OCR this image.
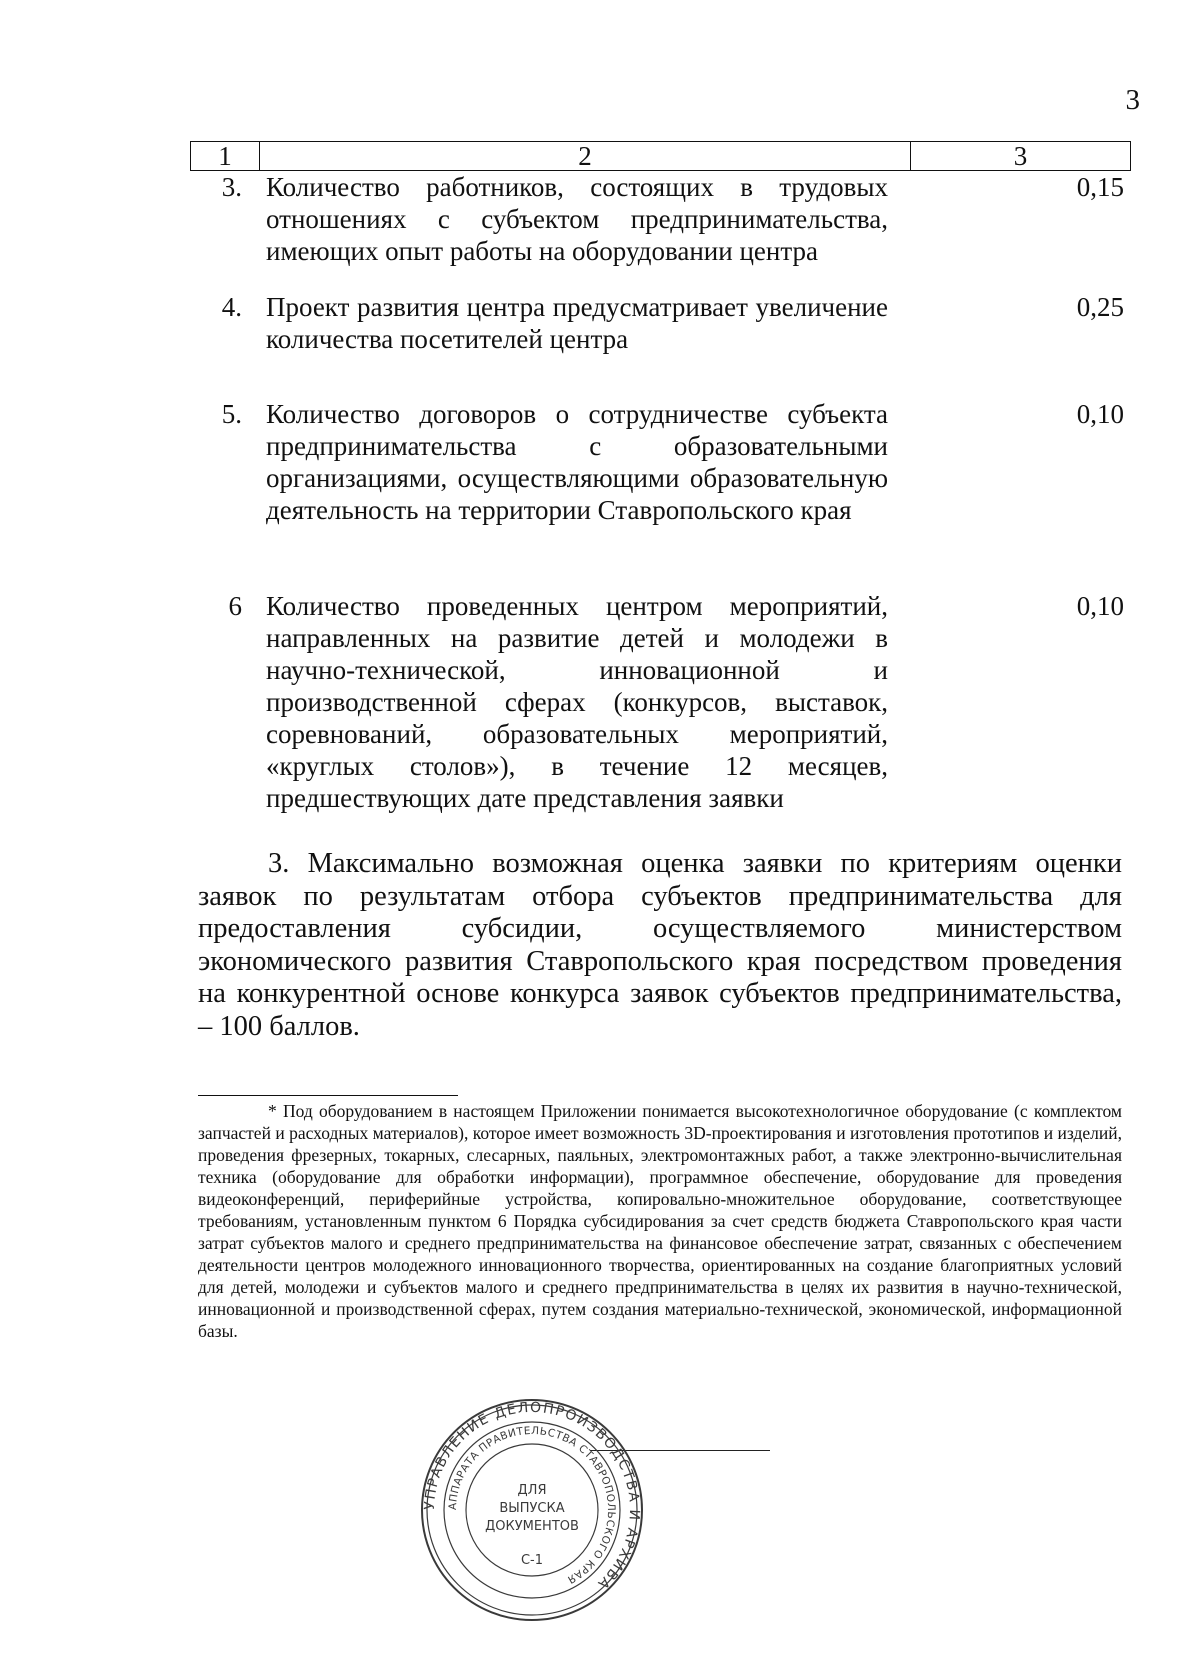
3
1	2	3
3. Количество работников, состоящих в трудовых отношениях с субъектом предпринимательства, имеющих опыт работы на оборудовании центра
0,15
4. Проект развития центра предусматривает увеличение количества посетителей центра
0,25
5. Количество договоров о сотрудничестве субъекта предпринимательства с образовательными организациями, осуществляющими образовательную деятельность на территории Ставропольского края
0,10
6 Количество проведенных центром мероприятий, направленных на развитие детей и молодежи в научно-технической, инновационной и производственной сферах (конкурсов, выставок, соревнований, образовательных мероприятий, «круглых столов»), в течение 12 месяцев, предшествующих дате представления заявки
0,10
3. Максимально возможная оценка заявки по критериям оценки заявок по результатам отбора субъектов предпринимательства для предоставления субсидии, осуществляемого министерством экономического развития Ставропольского края посредством проведения на конкурентной основе конкурса заявок субъектов предпринимательства, – 100 баллов.
* Под оборудованием в настоящем Приложении понимается высокотехнологичное оборудование (с комплектом запчастей и расходных материалов), которое имеет возможность 3D-проектирования и изготовления прототипов и изделий, проведения фрезерных, токарных, слесарных, паяльных, электромонтажных работ, а также электронно-вычислительная техника (оборудование для обработки информации), программное обеспечение, оборудование для проведения видеоконференций, периферийные устройства, копировально-множительное оборудование, соответствующее требованиям, установленным пунктом 6 Порядка субсидирования за счет средств бюджета Ставропольского края части затрат субъектов малого и среднего предпринимательства на финансовое обеспечение затрат, связанных с обеспечением деятельности центров молодежного инновационного творчества, ориентированных на создание благоприятных условий для детей, молодежи и субъектов малого и среднего предпринимательства в целях их развития в научно-технической, инновационной и производственной сферах, путем создания материально-технической, экономической, информационной базы.
УПРАВЛЕНИЕ ДЕЛОПРОИЗВОДСТВА И АРХИВА
АППАРАТА ПРАВИТЕЛЬСТВА СТАВРОПОЛЬСКОГО КРАЯ
ДЛЯ
ВЫПУСКА
ДОКУМЕНТОВ
С-1
